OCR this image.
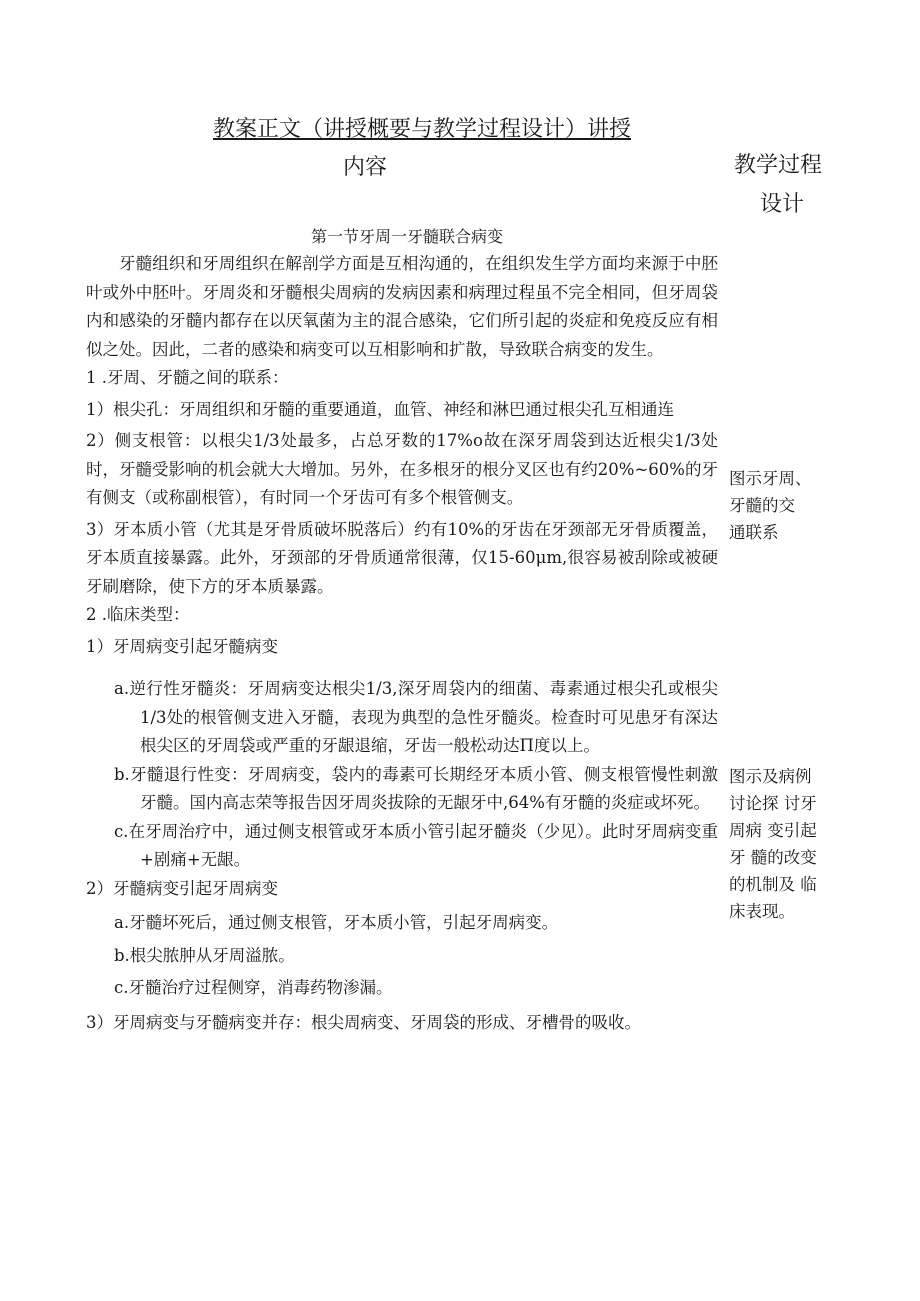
教案正文（讲授概要与教学过程设计）讲授
内容	教学过程
设计

第一节牙周一牙髓联合病变

牙髓组织和牙周组织在解剖学方面是互相沟通的，在组织发生学方面均来源于中胚叶或外中胚叶。牙周炎和牙髓根尖周病的发病因素和病理过程虽不完全相同，但牙周袋内和感染的牙髓内都存在以厌氧菌为主的混合感染，它们所引起的炎症和免疫反应有相似之处。因此，二者的感染和病变可以互相影响和扩散，导致联合病变的发生。

1 .牙周、牙髓之间的联系：

1）根尖孔：牙周组织和牙髓的重要通道，血管、神经和淋巴通过根尖孔互相通连

2）侧支根管：以根尖1/3处最多，占总牙数的17%o故在深牙周袋到达近根尖1/3处时，牙髓受影响的机会就大大增加。另外，在多根牙的根分叉区也有约20%~60%的牙有侧支（或称副根管），有时同一个牙齿可有多个根管侧支。

3）牙本质小管（尤其是牙骨质破坏脱落后）约有10%的牙齿在牙颈部无牙骨质覆盖，牙本质直接暴露。此外，牙颈部的牙骨质通常很薄，仅15-60μm,很容易被刮除或被硬牙刷磨除，使下方的牙本质暴露。

2 .临床类型：

1）牙周病变引起牙髓病变

a.逆行性牙髓炎：牙周病变达根尖1/3,深牙周袋内的细菌、毒素通过根尖孔或根尖1/3处的根管侧支进入牙髓，表现为典型的急性牙髓炎。检查时可见患牙有深达根尖区的牙周袋或严重的牙龈退缩，牙齿一般松动达Π度以上。

b.牙髓退行性变：牙周病变，袋内的毒素可长期经牙本质小管、侧支根管慢性刺激牙髓。国内高志荣等报告因牙周炎拔除的无龈牙中,64%有牙髓的炎症或坏死。

c.在牙周治疗中，通过侧支根管或牙本质小管引起牙髓炎（少见）。此时牙周病变重+剧痛+无龈。

2）牙髓病变引起牙周病变

a.牙髓坏死后，通过侧支根管，牙本质小管，引起牙周病变。

b.根尖脓肿从牙周溢脓。

c.牙髓治疗过程侧穿，消毒药物渗漏。

3）牙周病变与牙髓病变并存：根尖周病变、牙周袋的形成、牙槽骨的吸收。

图示牙周、
牙髓的交
通联系
图示及病例
讨论探 讨牙
周病 变引起
牙 髓的改变
的机制及 临
床表现。
